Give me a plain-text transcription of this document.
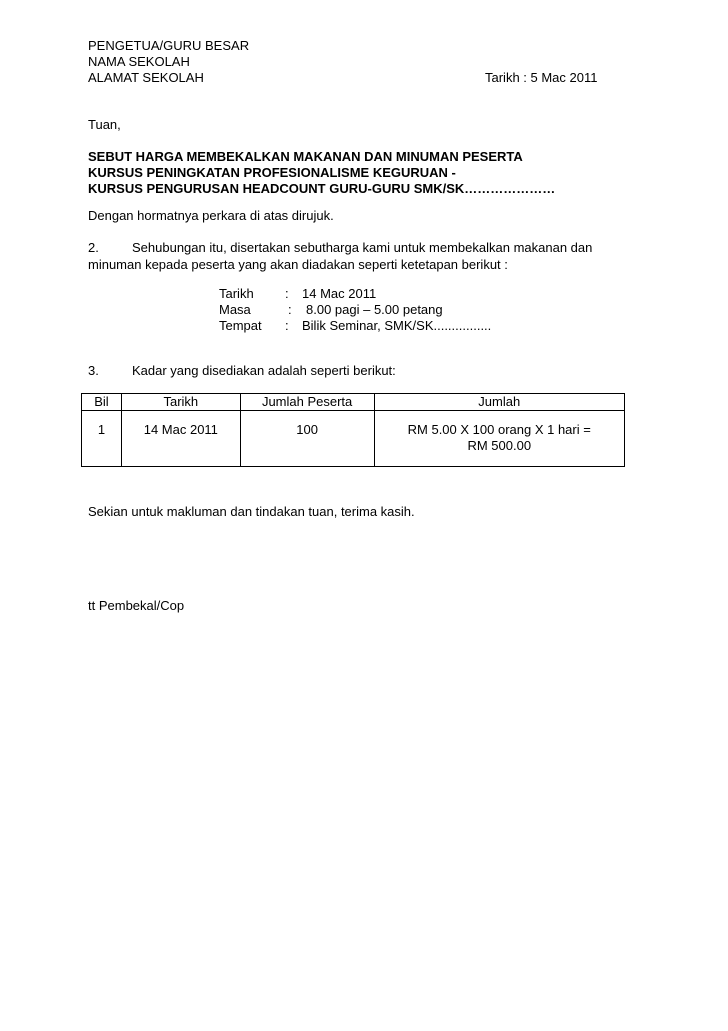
PENGETUA/GURU BESAR
NAMA SEKOLAH
ALAMAT SEKOLAH	Tarikh : 5 Mac 2011
Tuan,
SEBUT HARGA MEMBEKALKAN MAKANAN DAN MINUMAN PESERTA
KURSUS PENINGKATAN PROFESIONALISME KEGURUAN -
KURSUS PENGURUSAN HEADCOUNT GURU-GURU SMK/SK…………………
Dengan hormatnya perkara di atas dirujuk.
2.	Sehubungan itu, disertakan sebutharga kami untuk membekalkan makanan dan minuman kepada peserta yang akan diadakan seperti ketetapan berikut :
Tarikh : 14 Mac 2011
Masa	: 8.00 pagi – 5.00 petang
Tempat : Bilik Seminar, SMK/SK................
3.	Kadar yang disediakan adalah seperti berikut:
Bil	Tarikh	Jumlah Peserta	Jumlah
1	14 Mac 2011	100	RM 5.00 X 100 orang X 1 hari =
RM 500.00
Sekian untuk makluman dan tindakan tuan, terima kasih.
tt Pembekal/Cop
